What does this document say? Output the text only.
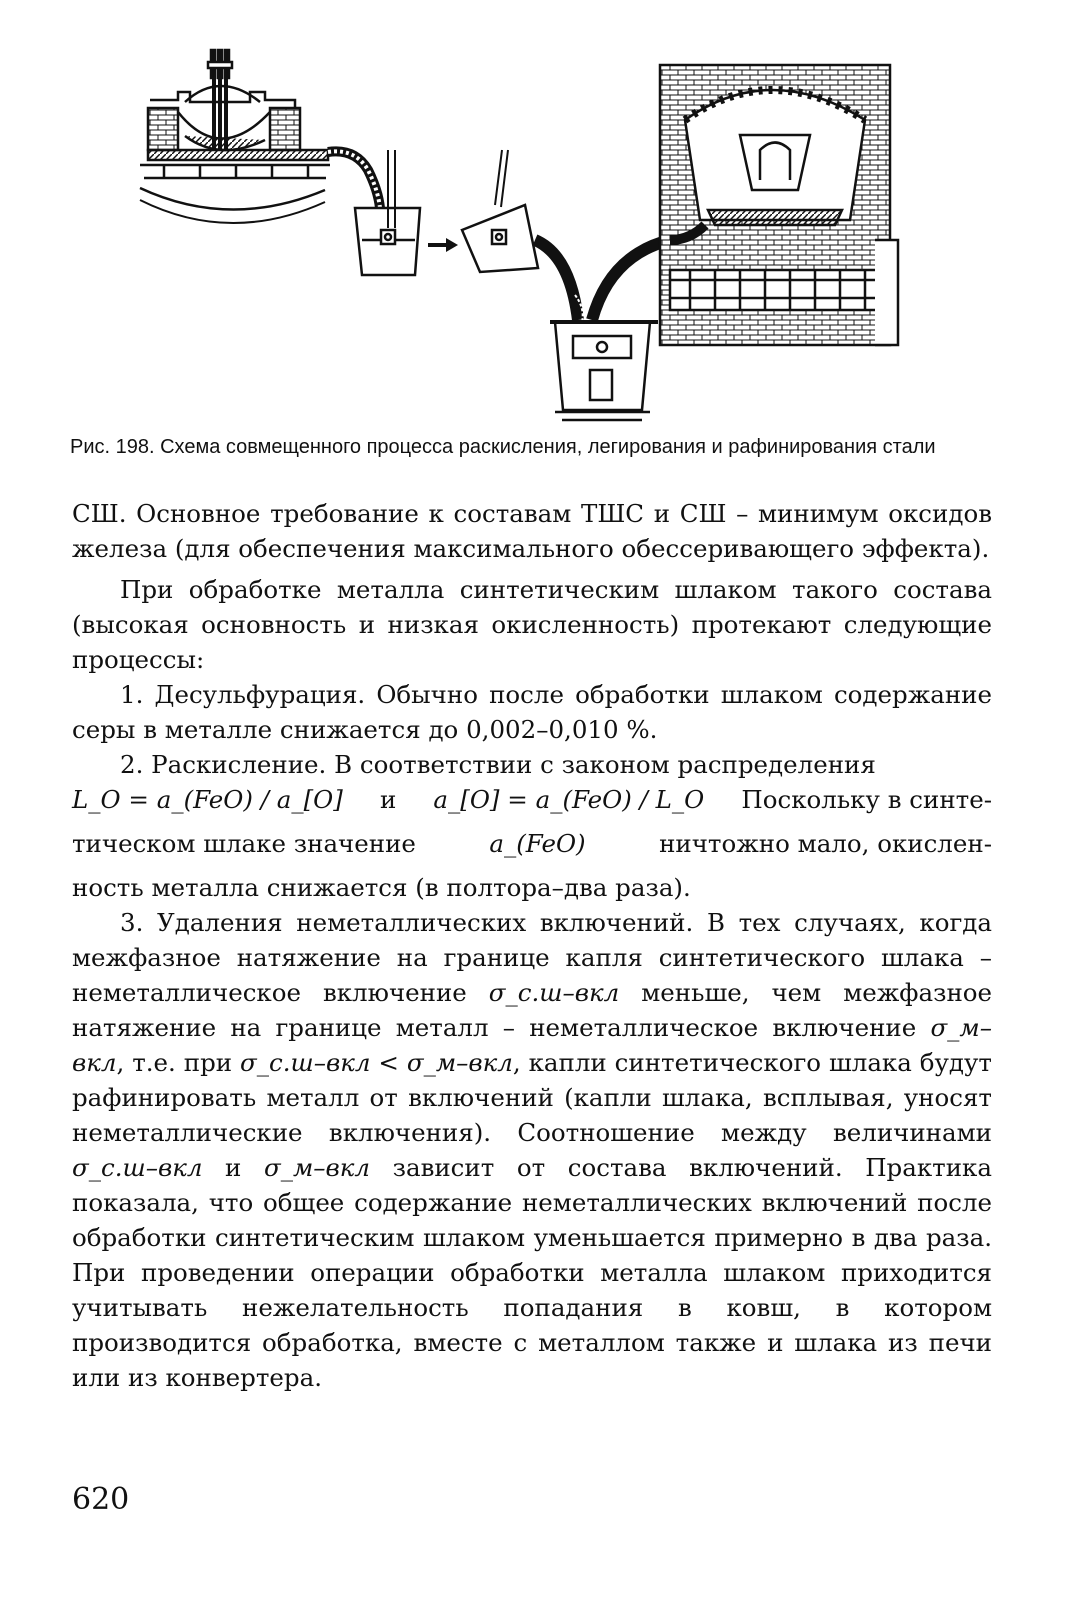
Рис. 198. Схема совмещенного процесса раскисления, легирования и рафинирования стали

СШ. Основное требование к составам ТШС и СШ – минимум оксидов железа (для обеспечения максимального обессеривающего эффекта).

При обработке металла синтетическим шлаком такого состава (высокая основность и низкая окисленность) протекают следующие процессы:

1. Десульфурация. Обычно после обработки шлаком содержание серы в металле снижается до 0,002–0,010 %.

2. Раскисление. В соответствии с законом распределения

L_O = a_(FeO) / a_[O] и a_[O] = a_(FeO) / L_O Поскольку в синте-
тическом шлаке значение	a_(FeO)	ничтожно мало, окислен-

ность металла снижается (в полтора–два раза).

3. Удаления неметаллических включений. В тех случаях, когда межфазное натяжение на границе капля синтетического шлака – неметаллическое включение σ_с.ш–вкл меньше, чем межфазное натяжение на границе металл – неметаллическое включение σ_м–вкл, т.е. при σ_с.ш–вкл < σ_м–вкл, капли синтетического шлака будут рафинировать металл от включений (капли шлака, всплывая, уносят неметаллические включения). Соотношение между величинами σ_с.ш–вкл и σ_м–вкл зависит от состава включений. Практика показала, что общее содержание неметаллических включений после обработки синтетическим шлаком уменьшается примерно в два раза. При проведении операции обработки металла шлаком приходится учитывать нежелательность попадания в ковш, в котором производится обработка, вместе с металлом также и шлака из печи или из конвертера.

620
